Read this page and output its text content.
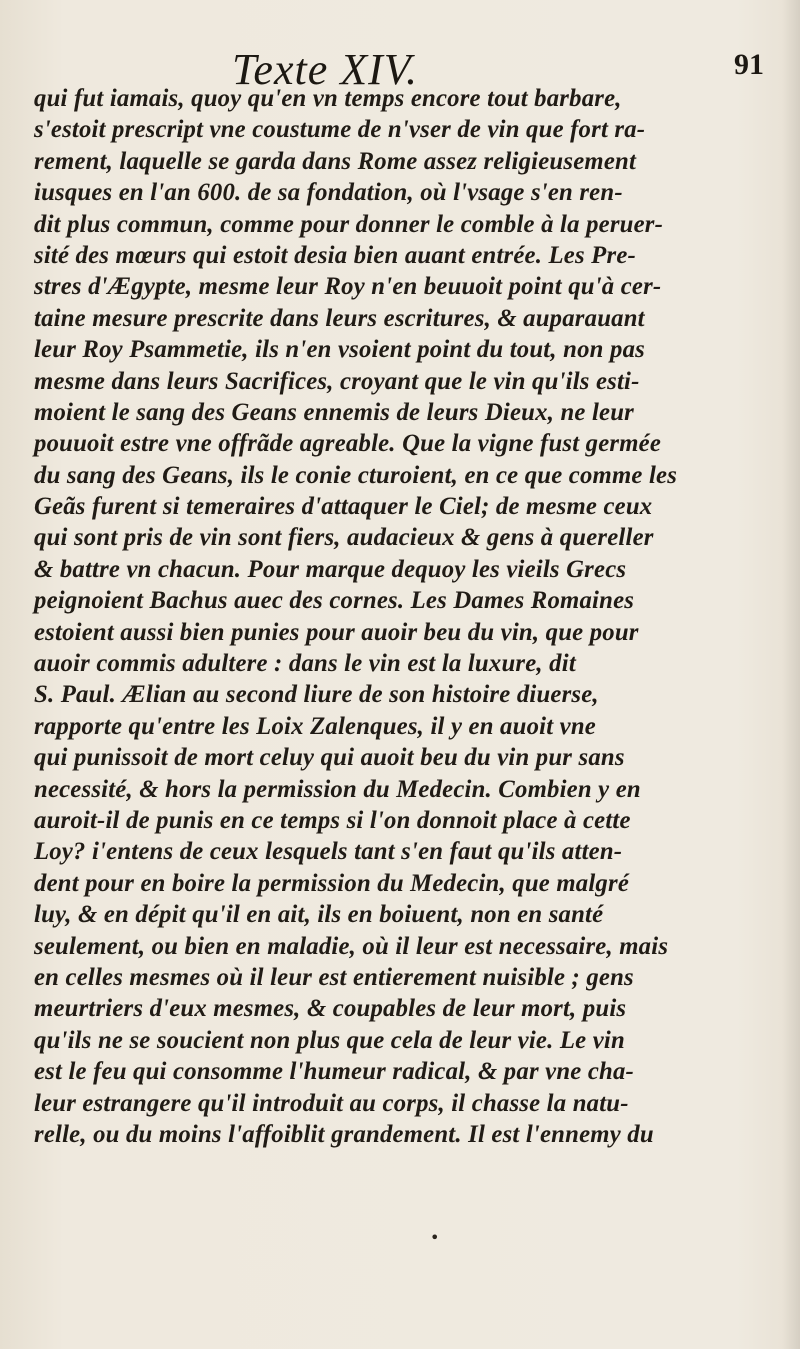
Texte XIV.	91
qui fut iamais, quoy qu'en vn temps encore tout barbare,
s'estoit prescript vne coustume de n'vser de vin que fort ra-
rement, laquelle se garda dans Rome assez religieusement
iusques en l'an 600. de sa fondation, où l'vsage s'en ren-
dit plus commun, comme pour donner le comble à la peruer-
sité des mœurs qui estoit desia bien auant entrée. Les Pre-
stres d'Ægypte, mesme leur Roy n'en beuuoit point qu'à cer-
taine mesure prescrite dans leurs escritures, & auparauant
leur Roy Psammetie, ils n'en vsoient point du tout, non pas
mesme dans leurs Sacrifices, croyant que le vin qu'ils esti-
moient le sang des Geans ennemis de leurs Dieux, ne leur
pouuoit estre vne offrãde agreable. Que la vigne fust germée
du sang des Geans, ils le conie cturoient, en ce que comme les
Geãs furent si temeraires d'attaquer le Ciel; de mesme ceux
qui sont pris de vin sont fiers, audacieux & gens à quereller
& battre vn chacun. Pour marque dequoy les vieils Grecs
peignoient Bachus auec des cornes. Les Dames Romaines
estoient aussi bien punies pour auoir beu du vin, que pour
auoir commis adultere : dans le vin est la luxure, dit
S. Paul. Ælian au second liure de son histoire diuerse,
rapporte qu'entre les Loix Zalenques, il y en auoit vne
qui punissoit de mort celuy qui auoit beu du vin pur sans
necessité, & hors la permission du Medecin. Combien y en
auroit-il de punis en ce temps si l'on donnoit place à cette
Loy? i'entens de ceux lesquels tant s'en faut qu'ils atten-
dent pour en boire la permission du Medecin, que malgré
luy, & en dépit qu'il en ait, ils en boiuent, non en santé
seulement, ou bien en maladie, où il leur est necessaire, mais
en celles mesmes où il leur est entierement nuisible ; gens
meurtriers d'eux mesmes, & coupables de leur mort, puis
qu'ils ne se soucient non plus que cela de leur vie. Le vin
est le feu qui consomme l'humeur radical, & par vne cha-
leur estrangere qu'il introduit au corps, il chasse la natu-
relle, ou du moins l'affoiblit grandement. Il est l'ennemy du
•
